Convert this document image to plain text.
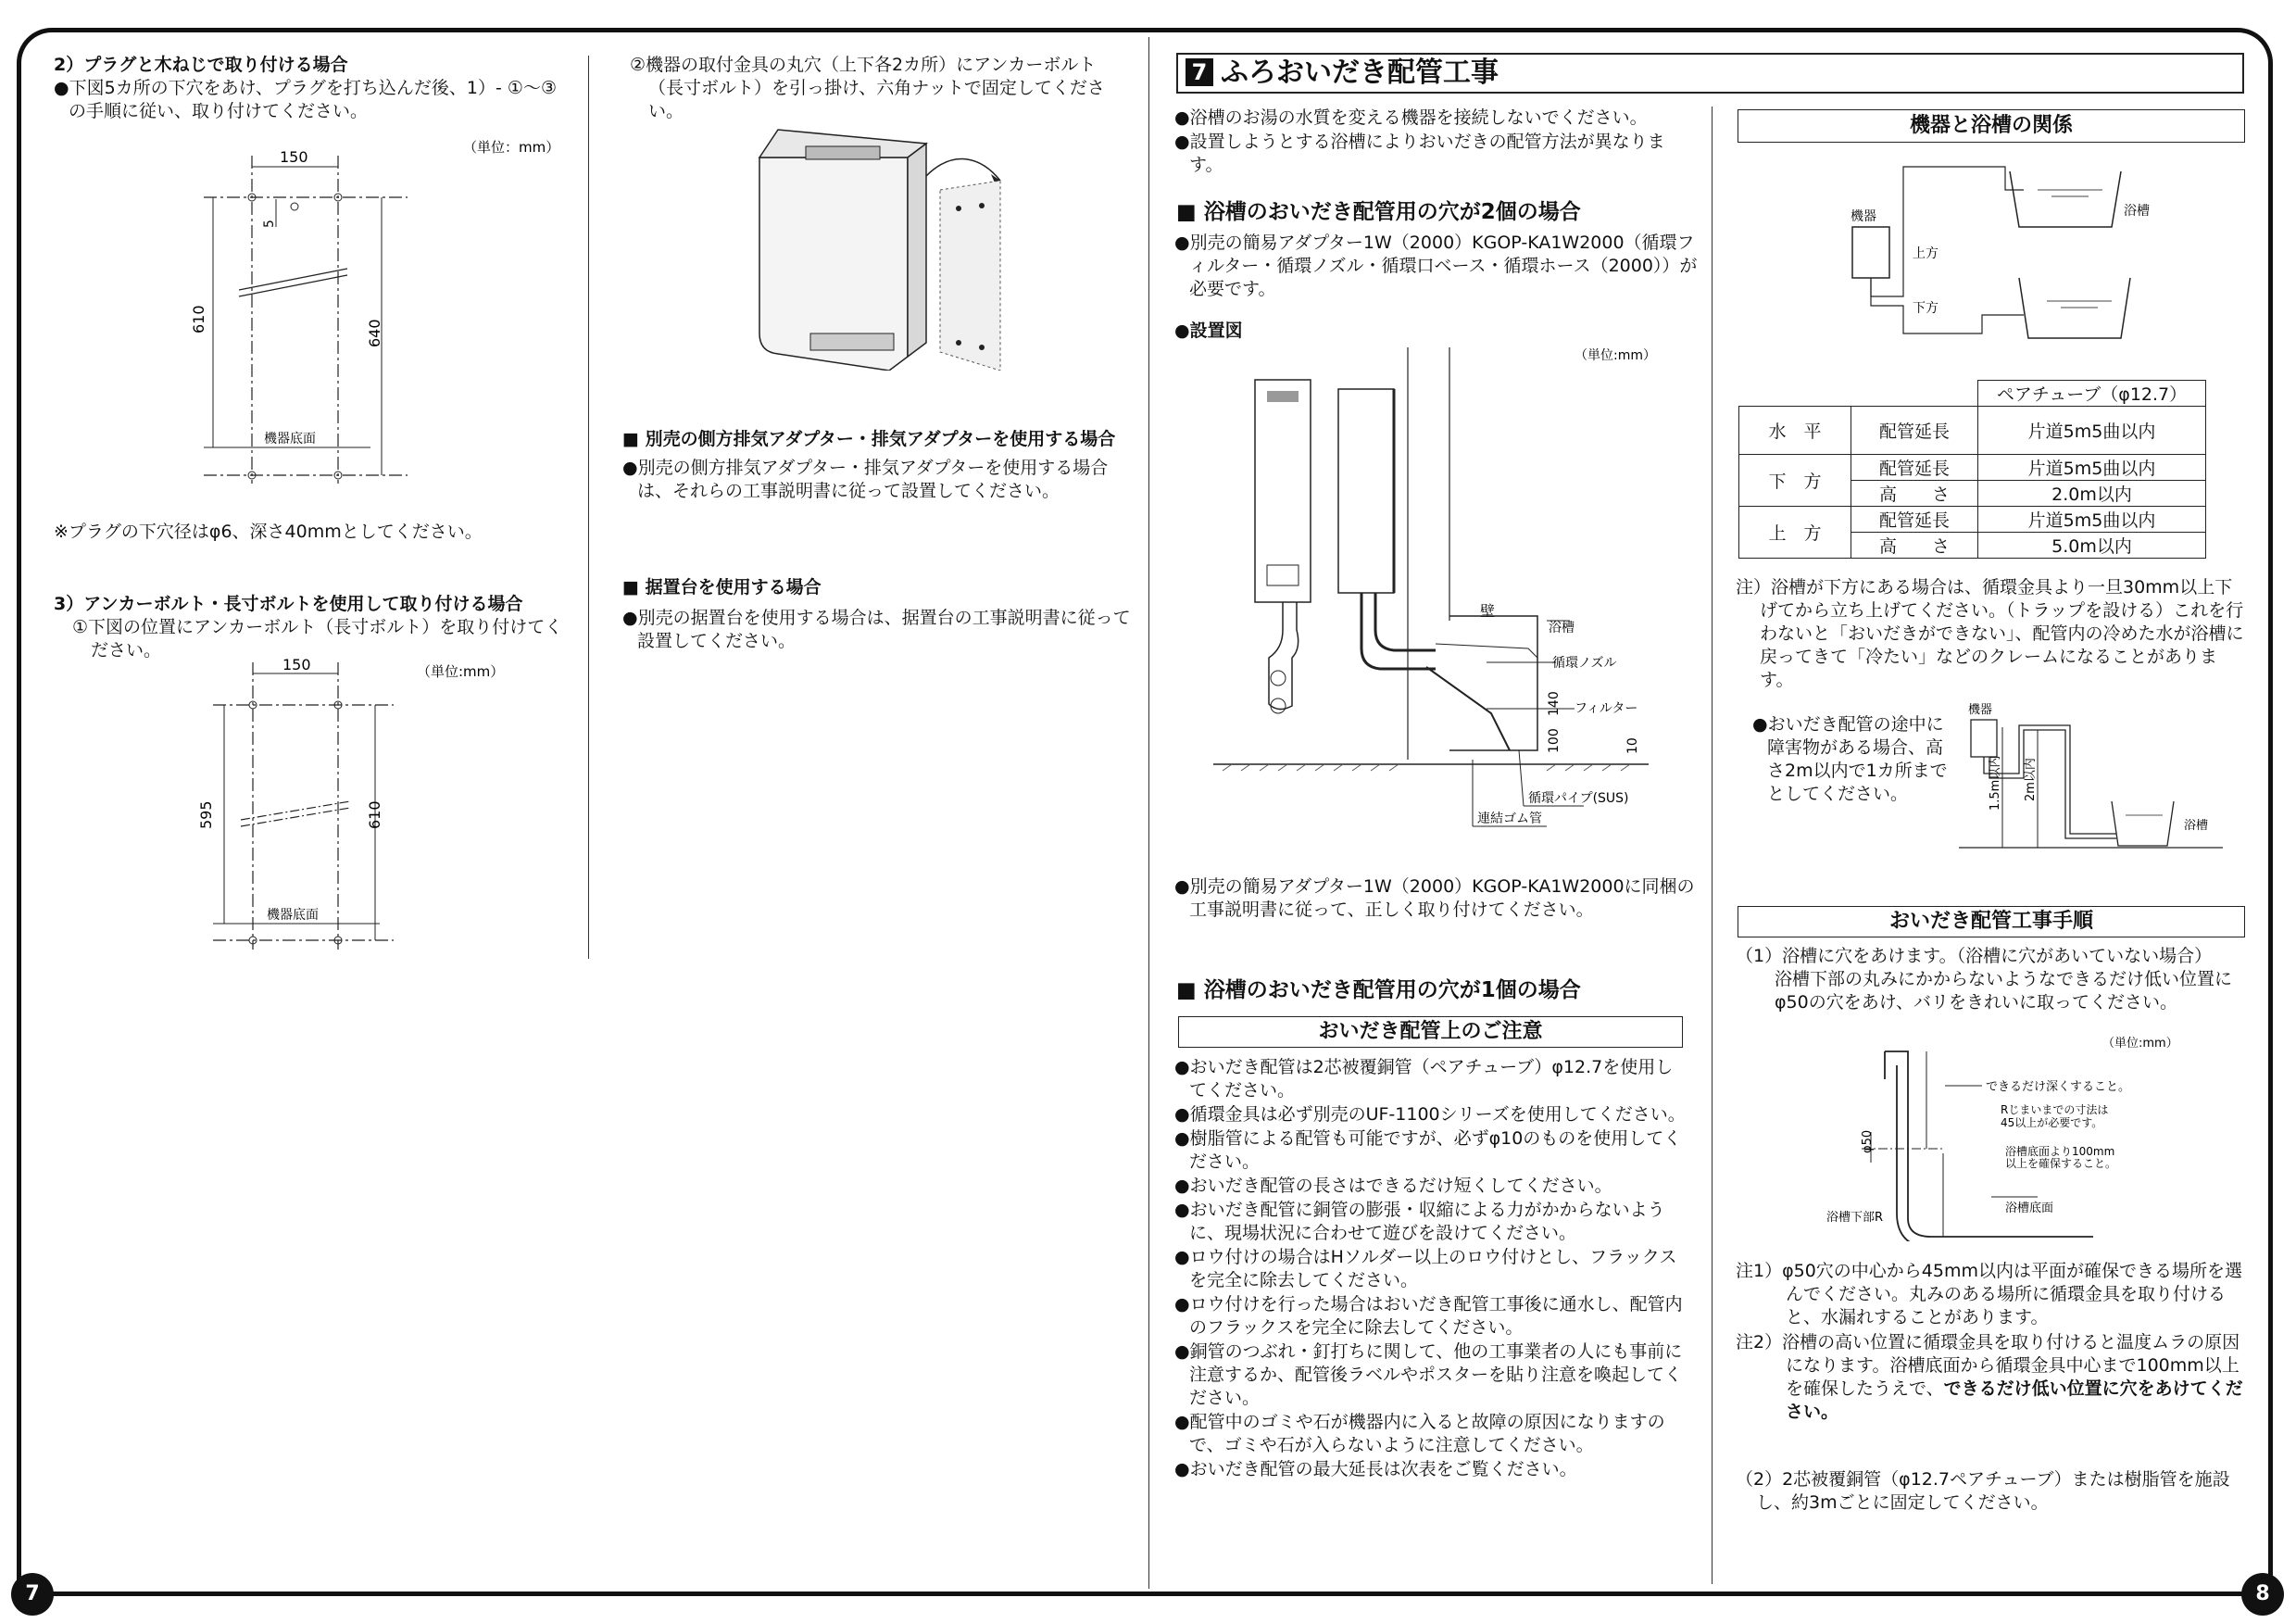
7	8
2）プラグと木ねじで取り付ける場合
●下図5カ所の下穴をあけ、プラグを打ち込んだ後、1）- ①～③の手順に従い、取り付けてください。
（単位：mm）
150
5
610	640
機器底面
※プラグの下穴径はφ6、深さ40mmとしてください。
3）アンカーボルト・長寸ボルトを使用して取り付ける場合
①下図の位置にアンカーボルト（長寸ボルト）を取り付けてください。
（単位:mm）
150
595	610
機器底面
②機器の取付金具の丸穴（上下各2カ所）にアンカーボルト（長寸ボルト）を引っ掛け、六角ナットで固定してください。
■ 別売の側方排気アダプター・排気アダプターを使用する場合
●別売の側方排気アダプター・排気アダプターを使用する場合は、それらの工事説明書に従って設置してください。
■ 据置台を使用する場合
●別売の据置台を使用する場合は、据置台の工事説明書に従って設置してください。
7 ふろおいだき配管工事
●浴槽のお湯の水質を変える機器を接続しないでください。
●設置しようとする浴槽によりおいだきの配管方法が異なります。
■ 浴槽のおいだき配管用の穴が2個の場合
●別売の簡易アダプター1W（2000）KGOP-KA1W2000（循環フィルター・循環ノズル・循環口ベース・循環ホース（2000））が必要です。
●設置図
（単位:mm）
壁
浴槽
循環ノズル
フィルター
140
100	10
循環パイプ(SUS)
連結ゴム管
●別売の簡易アダプター1W（2000）KGOP-KA1W2000に同梱の工事説明書に従って、正しく取り付けてください。
■ 浴槽のおいだき配管用の穴が1個の場合
おいだき配管上のご注意
●おいだき配管は2芯被覆銅管（ペアチューブ）φ12.7を使用してください。
●循環金具は必ず別売のUF-1100シリーズを使用してください。
●樹脂管による配管も可能ですが、必ずφ10のものを使用してください。
●おいだき配管の長さはできるだけ短くしてください。
●おいだき配管に銅管の膨張・収縮による力がかからないように、現場状況に合わせて遊びを設けてください。
●ロウ付けの場合はHソルダー以上のロウ付けとし、フラックスを完全に除去してください。
●ロウ付けを行った場合はおいだき配管工事後に通水し、配管内のフラックスを完全に除去してください。
●銅管のつぶれ・釘打ちに関して、他の工事業者の人にも事前に注意するか、配管後ラベルやポスターを貼り注意を喚起してください。
●配管中のゴミや石が機器内に入ると故障の原因になりますので、ゴミや石が入らないように注意してください。
●おいだき配管の最大延長は次表をご覧ください。
機器と浴槽の関係
機器
上方
下方
浴槽
		ペアチューブ（φ12.7）
水　平	配管延長	片道5m5曲以内
下　方	配管延長	片道5m5曲以内
	高　　さ	2.0m以内
上　方	配管延長	片道5m5曲以内
	高　　さ	5.0m以内
注）浴槽が下方にある場合は、循環金具より一旦30mm以上下げてから立ち上げてください。（トラップを設ける）これを行わないと「おいだきができない」、配管内の冷めた水が浴槽に戻ってきて「冷たい」などのクレームになることがあります。
●おいだき配管の途中に障害物がある場合、高さ2m以内で1カ所までとしてください。
機器
1.5m以内 2m以内
浴槽
おいだき配管工事手順
（1）浴槽に穴をあけます。（浴槽に穴があいていない場合）
浴槽下部の丸みにかからないようなできるだけ低い位置にφ50の穴をあけ、バリをきれいに取ってください。
（単位:mm）
φ50
できるだけ深くすること。
Rじまいまでの寸法は
45以上が必要です。
浴槽底面より100mm
以上を確保すること。
浴槽底面
浴槽下部R
注1）φ50穴の中心から45mm以内は平面が確保できる場所を選んでください。丸みのある場所に循環金具を取り付けると、水漏れすることがあります。
注2）浴槽の高い位置に循環金具を取り付けると温度ムラの原因になります。浴槽底面から循環金具中心まで100mm以上を確保したうえで、できるだけ低い位置に穴をあけてください。
（2）2芯被覆銅管（φ12.7ペアチューブ）または樹脂管を施設し、約3mごとに固定してください。
